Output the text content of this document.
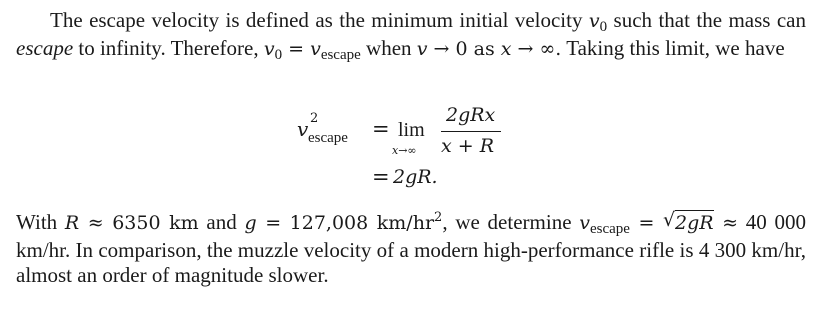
The escape velocity is defined as the minimum initial velocity $v_0$ such that the mass can escape to infinity. Therefore, $v_0 = v_{escape}$ when v → 0 as x → ∞. Taking this limit, we have

v 2
escape = lim
x→∞
2gRx
x + R
= 2gR.

With R ≈ 6350 km and g = 127,008 $km/hr^2$, we determine $v_{escape}$ = √ 2gR ≈ 40 000 km/hr. In comparison, the muzzle velocity of a modern high-performance rifle is 4 300 km/hr, almost an order of magnitude slower.
